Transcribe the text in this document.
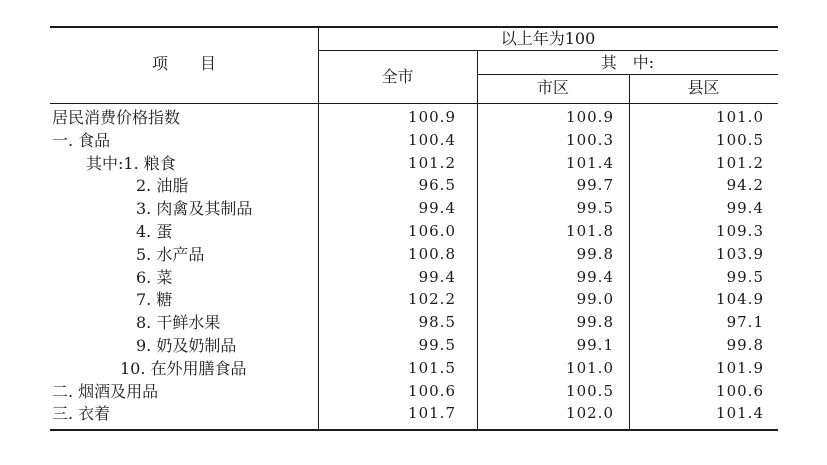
项　　目
以上年为100
全市
其　中:
市区	县区
居民消费价格指数	100.9	100.9	101.0
一. 食品	100.4	100.3	100.5
其中:1. 粮食	101.2	101.4	101.2
2. 油脂	96.5	99.7	94.2
3. 肉禽及其制品	99.4	99.5	99.4
4. 蛋	106.0	101.8	109.3
5. 水产品	100.8	99.8	103.9
6. 菜	99.4	99.4	99.5
7. 糖	102.2	99.0	104.9
8. 干鲜水果	98.5	99.8	97.1
9. 奶及奶制品	99.5	99.1	99.8
10. 在外用膳食品	101.5	101.0	101.9
二. 烟酒及用品	100.6	100.5	100.6
三. 衣着	101.7	102.0	101.4
